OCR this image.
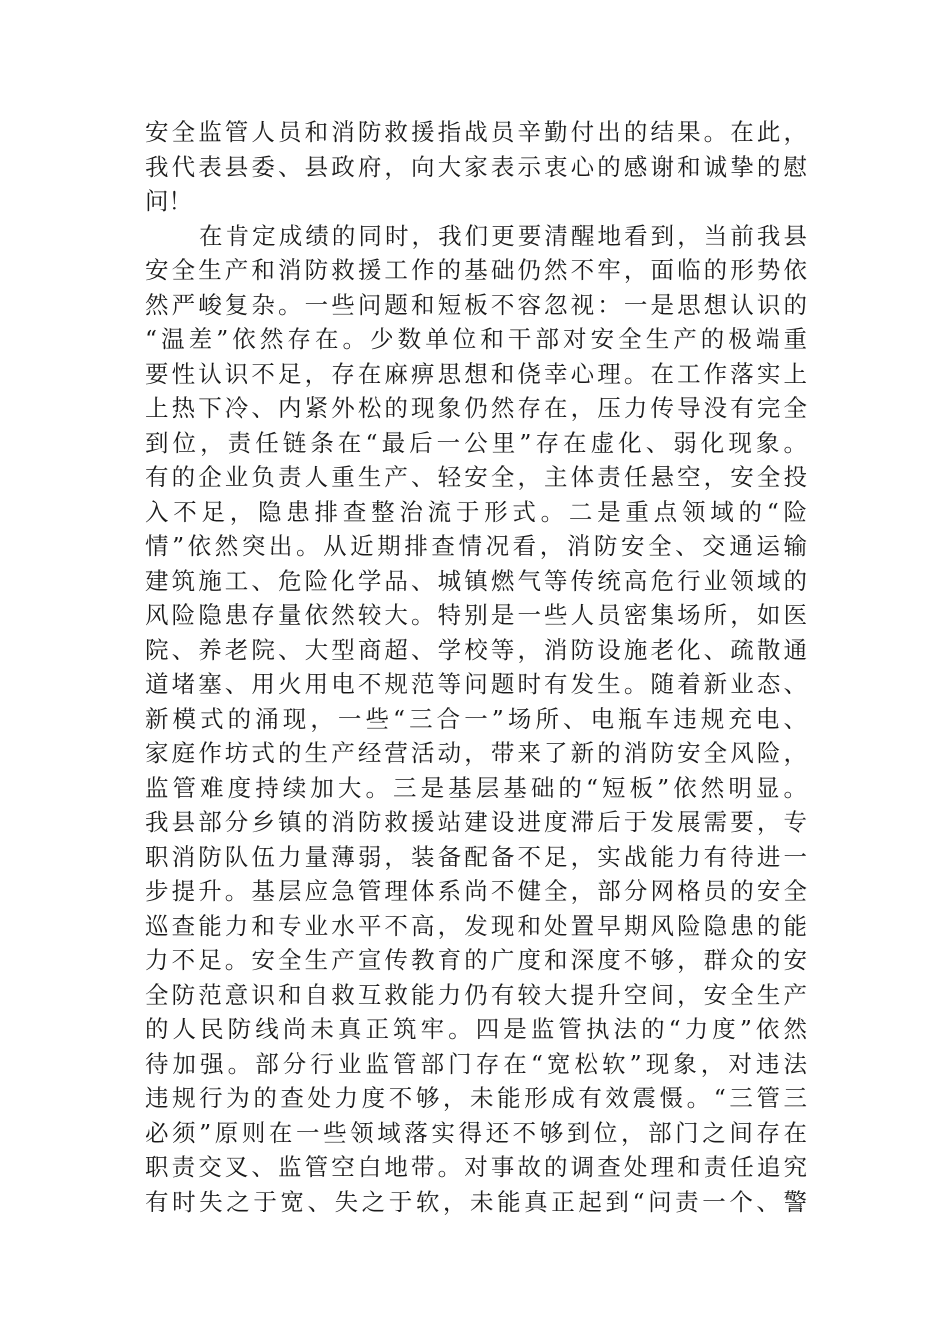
安全监管人员和消防救援指战员辛勤付出的结果。在此，
我代表县委、县政府，向大家表示衷心的感谢和诚挚的慰
问！
在肯定成绩的同时，我们更要清醒地看到，当前我县
安全生产和消防救援工作的基础仍然不牢，面临的形势依
然严峻复杂。一些问题和短板不容忽视：一是思想认识的
“温差”依然存在。少数单位和干部对安全生产的极端重
要性认识不足，存在麻痹思想和侥幸心理。在工作落实上
上热下冷、内紧外松的现象仍然存在，压力传导没有完全
到位，责任链条在“最后一公里”存在虚化、弱化现象。
有的企业负责人重生产、轻安全，主体责任悬空，安全投
入不足，隐患排查整治流于形式。二是重点领域的“险
情”依然突出。从近期排查情况看，消防安全、交通运输
建筑施工、危险化学品、城镇燃气等传统高危行业领域的
风险隐患存量依然较大。特别是一些人员密集场所，如医
院、养老院、大型商超、学校等，消防设施老化、疏散通
道堵塞、用火用电不规范等问题时有发生。随着新业态、
新模式的涌现，一些“三合一”场所、电瓶车违规充电、
家庭作坊式的生产经营活动，带来了新的消防安全风险，
监管难度持续加大。三是基层基础的“短板”依然明显。
我县部分乡镇的消防救援站建设进度滞后于发展需要，专
职消防队伍力量薄弱，装备配备不足，实战能力有待进一
步提升。基层应急管理体系尚不健全，部分网格员的安全
巡查能力和专业水平不高，发现和处置早期风险隐患的能
力不足。安全生产宣传教育的广度和深度不够，群众的安
全防范意识和自救互救能力仍有较大提升空间，安全生产
的人民防线尚未真正筑牢。四是监管执法的“力度”依然
待加强。部分行业监管部门存在“宽松软”现象，对违法
违规行为的查处力度不够，未能形成有效震慑。“三管三
必须”原则在一些领域落实得还不够到位，部门之间存在
职责交叉、监管空白地带。对事故的调查处理和责任追究
有时失之于宽、失之于软，未能真正起到“问责一个、警
